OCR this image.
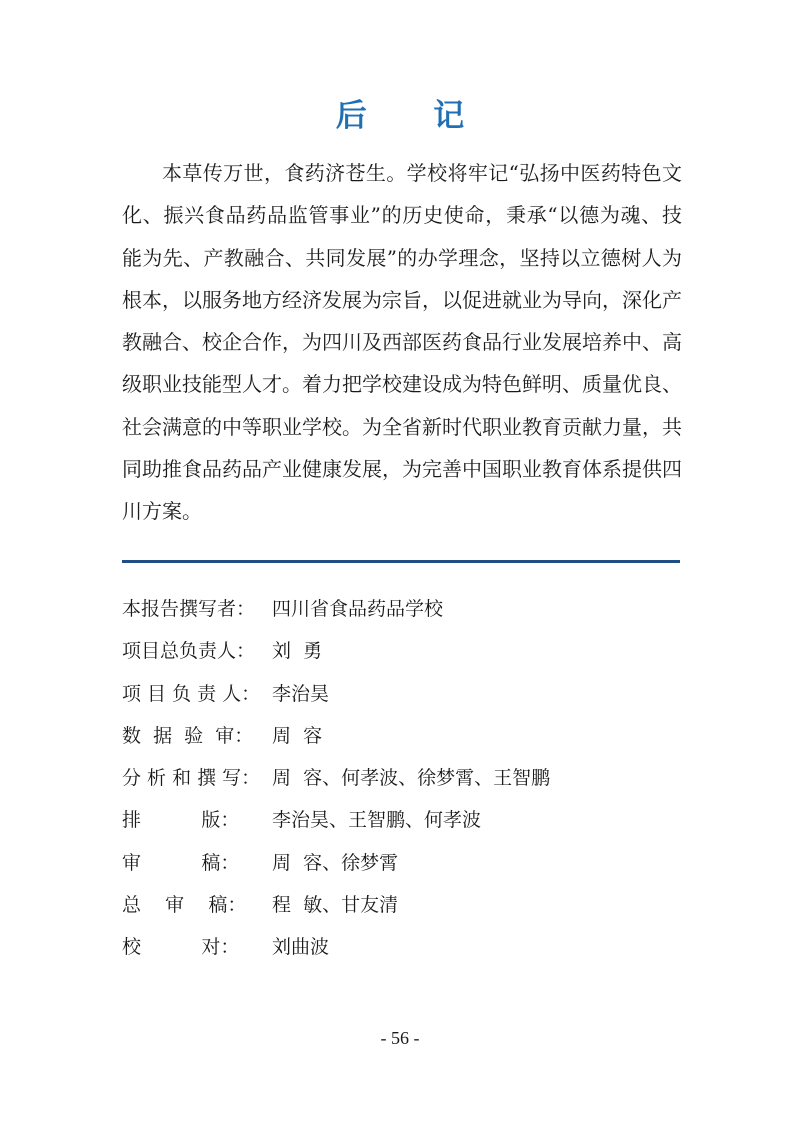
后 记

本草传万世，食药济苍生。学校将牢记“弘扬中医药特色文化、振兴食品药品监管事业”的历史使命，秉承“以德为魂、技能为先、产教融合、共同发展”的办学理念，坚持以立德树人为根本，以服务地方经济发展为宗旨，以促进就业为导向，深化产教融合、校企合作，为四川及西部医药食品行业发展培养中、高级职业技能型人才。着力把学校建设成为特色鲜明、质量优良、社会满意的中等职业学校。为全省新时代职业教育贡献力量，共同助推食品药品产业健康发展，为完善中国职业教育体系提供四川方案。

本报告撰写者： 四川省食品药品学校
项目总负责人： 刘  勇
项 目 负 责 人： 李治昊
数  据  验  审： 周  容
分 析 和 撰 写： 周  容、何孝波、徐梦霄、王智鹏
排          版：	李治昊、王智鹏、何孝波
审          稿：	周  容、徐梦霄
总    审    稿：	程  敏、甘友清
校          对：	刘曲波
- 56 -
